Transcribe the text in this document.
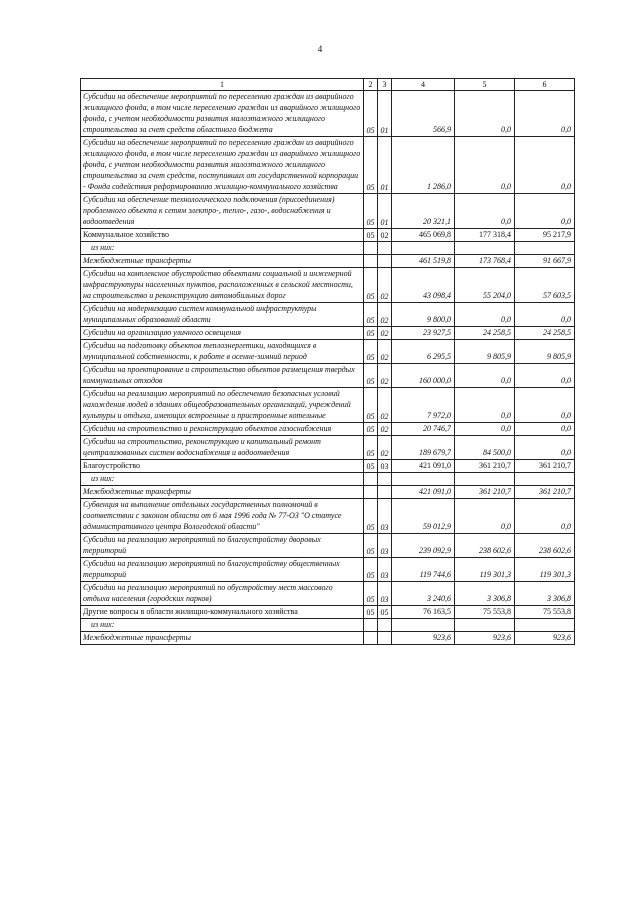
4
1	2	3	4	5	6
Субсидии на обеспечение мероприятий по переселению граждан из аварийного жилищного фонда, в том числе переселению граждан из аварийного жилищного фонда, с учетом необходимости развития малоэтажного жилищного строительства за счет средств областного бюджета	05	01	566,9	0,0	0,0
Субсидии на обеспечение мероприятий по переселению граждан из аварийного жилищного фонда, в том числе переселению граждан из аварийного жилищного фонда, с учетом необходимости развития малоэтажного жилищного строительства за счет средств, поступивших от государственной корпорации - Фонда содействия реформированию жилищно-коммунального хозяйства	05	01	1 286,0	0,0	0,0
Субсидии на обеспечение технологического подключения (присоединения) проблемного объекта к сетям электро-, тепло-, газо-, водоснабжения и водоотведения	05	01	20 321,1	0,0	0,0
Коммунальное хозяйство	05	02	465 069,8	177 318,4	95 217,9
из них:					
Межбюджетные трансферты			461 519,8	173 768,4	91 667,9
Субсидии на комплексное обустройство объектами социальной и инженерной инфраструктуры населенных пунктов, расположенных в сельской местности, на строительство и реконструкцию автомобильных дорог	05	02	43 098,4	55 204,0	57 603,5
Субсидии на модернизацию систем коммунальной инфраструктуры муниципальных образований области	05	02	9 800,0	0,0	0,0
Субсидии на организацию уличного освещения	05	02	23 927,5	24 258,5	24 258,5
Субсидии на подготовку объектов теплоэнергетики, находящихся в муниципальной собственности, к работе в осенне-зимний период	05	02	6 295,5	9 805,9	9 805,9
Субсидии на проектирование и строительство объектов размещения твердых коммунальных отходов	05	02	160 000,0	0,0	0,0
Субсидии на реализацию мероприятий по обеспечению безопасных условий нахождения людей в зданиях общеобразовательных организаций, учреждений культуры и отдыха, имеющих встроенные и пристроенные котельные	05	02	7 972,0	0,0	0,0
Субсидии на строительство и реконструкцию объектов газоснабжения	05	02	20 746,7	0,0	0,0
Субсидии на строительство, реконструкцию и капитальный ремонт централизованных систем водоснабжения и водоотведения	05	02	189 679,7	84 500,0	0,0
Благоустройство	05	03	421 091,0	361 210,7	361 210,7
из них:					
Межбюджетные трансферты			421 091,0	361 210,7	361 210,7
Субвенция на выполнение отдельных государственных полномочий в соответствии с законом области от 6 мая 1996 года № 77-ОЗ "О статусе административного центра Вологодской области"	05	03	59 012,9	0,0	0,0
Субсидии на реализацию мероприятий по благоустройству дворовых территорий	05	03	239 092,9	238 602,6	238 602,6
Субсидии на реализацию мероприятий по благоустройству общественных территорий	05	03	119 744,6	119 301,3	119 301,3
Субсидии на реализацию мероприятий по обустройству мест массового отдыха населения (городских парков)	05	03	3 240,6	3 306,8	3 306,8
Другие вопросы в области жилищно-коммунального хозяйства	05	05	76 163,5	75 553,8	75 553,8
из них:					
Межбюджетные трансферты			923,6	923,6	923,6
